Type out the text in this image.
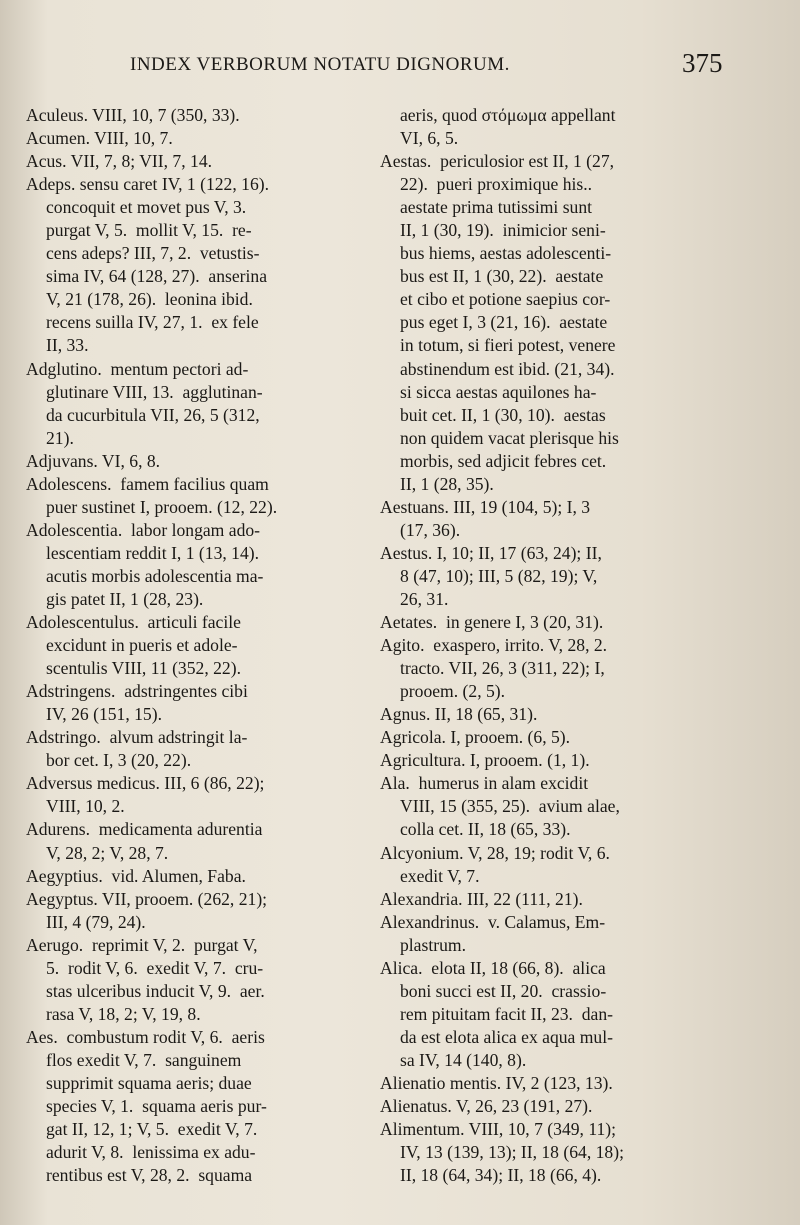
INDEX VERBORUM NOTATU DIGNORUM.	375
Aculeus. VIII, 10, 7 (350, 33).
Acumen. VIII, 10, 7.
Acus. VII, 7, 8; VII, 7, 14.
Adeps. sensu caret IV, 1 (122, 16).
concoquit et movet pus V, 3.
purgat V, 5.  mollit V, 15.  re-
cens adeps? III, 7, 2.  vetustis-
sima IV, 64 (128, 27).  anserina
V, 21 (178, 26).  leonina ibid.
recens suilla IV, 27, 1.  ex fele
II, 33.
Adglutino.  mentum pectori ad-
glutinare VIII, 13.  agglutinan-
da cucurbitula VII, 26, 5 (312,
21).
Adjuvans. VI, 6, 8.
Adolescens.  famem facilius quam
puer sustinet I, prooem. (12, 22).
Adolescentia.  labor longam ado-
lescentiam reddit I, 1 (13, 14).
acutis morbis adolescentia ma-
gis patet II, 1 (28, 23).
Adolescentulus.  articuli facile
excidunt in pueris et adole-
scentulis VIII, 11 (352, 22).
Adstringens.  adstringentes cibi
IV, 26 (151, 15).
Adstringo.  alvum adstringit la-
bor cet. I, 3 (20, 22).
Adversus medicus. III, 6 (86, 22);
VIII, 10, 2.
Adurens.  medicamenta adurentia
V, 28, 2; V, 28, 7.
Aegyptius.  vid. Alumen, Faba.
Aegyptus. VII, prooem. (262, 21);
III, 4 (79, 24).
Aerugo.  reprimit V, 2.  purgat V,
5.  rodit V, 6.  exedit V, 7.  cru-
stas ulceribus inducit V, 9.  aer.
rasa V, 18, 2; V, 19, 8.
Aes.  combustum rodit V, 6.  aeris
flos exedit V, 7.  sanguinem
supprimit squama aeris; duae
species V, 1.  squama aeris pur-
gat II, 12, 1; V, 5.  exedit V, 7.
adurit V, 8.  lenissima ex adu-
rentibus est V, 28, 2.  squama
aeris, quod στόμωμα appellant
VI, 6, 5.
Aestas.  periculosior est II, 1 (27,
22).  pueri proximique his..
aestate prima tutissimi sunt
II, 1 (30, 19).  inimicior seni-
bus hiems, aestas adolescenti-
bus est II, 1 (30, 22).  aestate
et cibo et potione saepius cor-
pus eget I, 3 (21, 16).  aestate
in totum, si fieri potest, venere
abstinendum est ibid. (21, 34).
si sicca aestas aquilones ha-
buit cet. II, 1 (30, 10).  aestas
non quidem vacat plerisque his
morbis, sed adjicit febres cet.
II, 1 (28, 35).
Aestuans. III, 19 (104, 5); I, 3
(17, 36).
Aestus. I, 10; II, 17 (63, 24); II,
8 (47, 10); III, 5 (82, 19); V,
26, 31.
Aetates.  in genere I, 3 (20, 31).
Agito.  exaspero, irrito. V, 28, 2.
tracto. VII, 26, 3 (311, 22); I,
prooem. (2, 5).
Agnus. II, 18 (65, 31).
Agricola. I, prooem. (6, 5).
Agricultura. I, prooem. (1, 1).
Ala.  humerus in alam excidit
VIII, 15 (355, 25).  avium alae,
colla cet. II, 18 (65, 33).
Alcyonium. V, 28, 19; rodit V, 6.
exedit V, 7.
Alexandria. III, 22 (111, 21).
Alexandrinus.  v. Calamus, Em-
plastrum.
Alica.  elota II, 18 (66, 8).  alica
boni succi est II, 20.  crassio-
rem pituitam facit II, 23.  dan-
da est elota alica ex aqua mul-
sa IV, 14 (140, 8).
Alienatio mentis. IV, 2 (123, 13).
Alienatus. V, 26, 23 (191, 27).
Alimentum. VIII, 10, 7 (349, 11);
IV, 13 (139, 13); II, 18 (64, 18);
II, 18 (64, 34); II, 18 (66, 4).
